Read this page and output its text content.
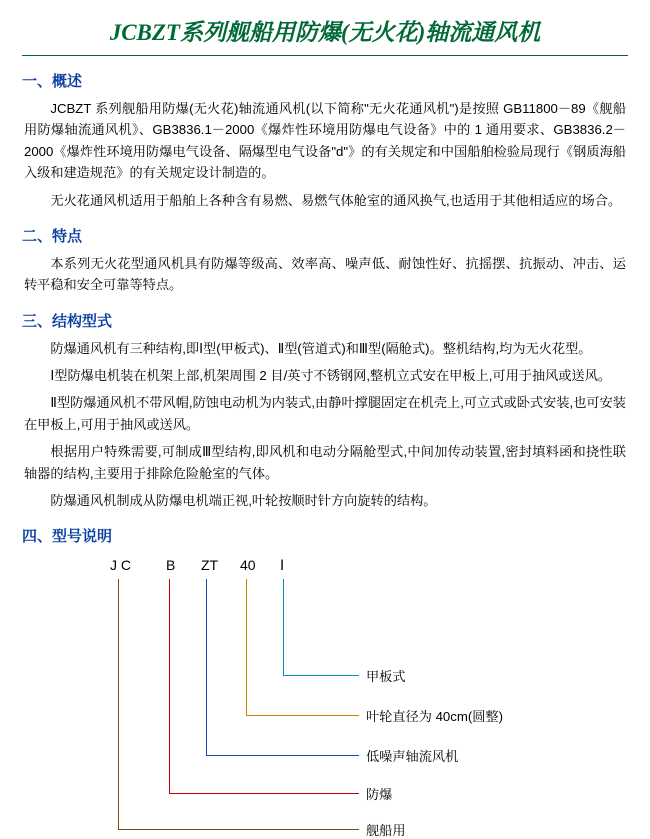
JCBZT系列舰船用防爆(无火花)轴流通风机
一、概述

JCBZT 系列舰船用防爆(无火花)轴流通风机(以下简称"无火花通风机")是按照 GB11800－89《舰船用防爆轴流通风机》、GB3836.1－2000《爆炸性环境用防爆电气设备》中的 1 通用要求、GB3836.2－2000《爆炸性环境用防爆电气设备、隔爆型电气设备"d"》的有关规定和中国船舶检验局现行《钢质海船入级和建造规范》的有关规定设计制造的。

无火花通风机适用于船舶上各种含有易燃、易燃气体舱室的通风换气,也适用于其他相适应的场合。

二、特点

本系列无火花型通风机具有防爆等级高、效率高、噪声低、耐蚀性好、抗摇摆、抗振动、冲击、运转平稳和安全可靠等特点。

三、结构型式

防爆通风机有三种结构,即Ⅰ型(甲板式)、Ⅱ型(管道式)和Ⅲ型(隔舱式)。整机结构,均为无火花型。

Ⅰ型防爆电机装在机架上部,机架周围 2 目/英寸不锈钢网,整机立式安在甲板上,可用于抽风或送风。

Ⅱ型防爆通风机不带风帽,防蚀电动机为内装式,由静叶撑腿固定在机壳上,可立式或卧式安装,也可安装在甲板上,可用于抽风或送风。

根据用户特殊需要,可制成Ⅲ型结构,即风机和电动分隔舱型式,中间加传动装置,密封填料函和挠性联轴器的结构,主要用于排除危险舱室的气体。

防爆通风机制成从防爆电机端正视,叶轮按顺时针方向旋转的结构。

四、型号说明
J C	B ZT 40 Ⅰ
甲板式
叶轮直径为 40cm(圆整)
低噪声轴流风机
防爆
舰船用
